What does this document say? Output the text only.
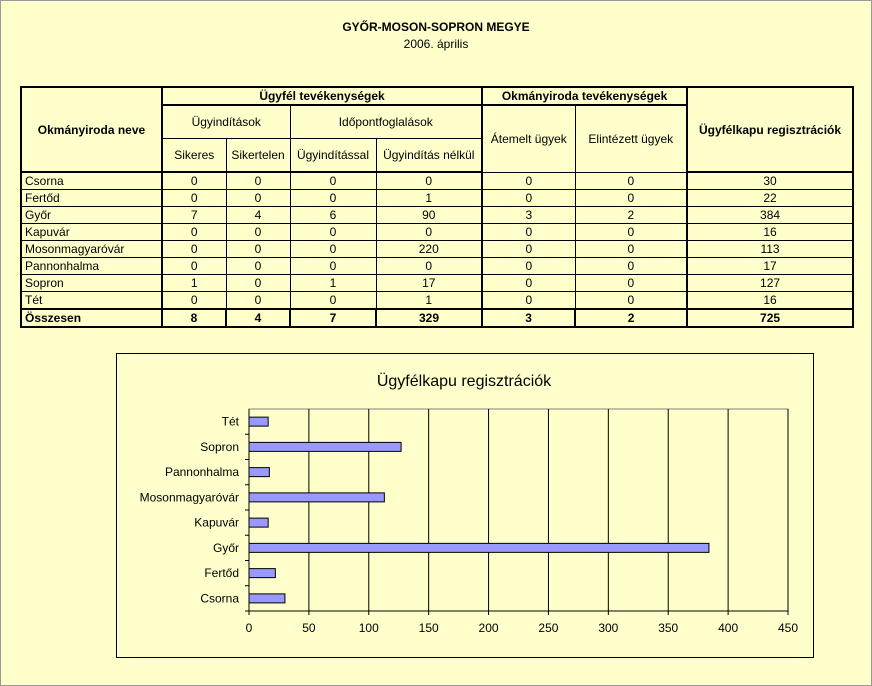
GYŐR-MOSON-SOPRON MEGYE
2006. április
Okmányiroda neve	Ügyfél tevékenységek				Okmányiroda tevékenységek		Ügyfélkapu regisztrációk
	Ügyindítások		Időpontfoglalások		Átemelt ügyek	Elintézett ügyek	
	Sikeres	Sikertelen	Ügyindítással	Ügyindítás nélkül			
Csorna	0	0	0	0	0	0	30
Fertőd	0	0	0	1	0	0	22
Győr	7	4	6	90	3	2	384
Kapuvár	0	0	0	0	0	0	16
Mosonmagyaróvár	0	0	0	220	0	0	113
Pannonhalma	0	0	0	0	0	0	17
Sopron	1	0	1	17	0	0	127
Tét	0	0	0	1	0	0	16
Összesen	8	4	7	329	3	2	725
Ügyfélkapu regisztrációk
0	50	100	150	200	250	300	350	400	450
Csorna
Fertőd
Győr
Kapuvár
Mosonmagyaróvár
Pannonhalma
Sopron
Tét
